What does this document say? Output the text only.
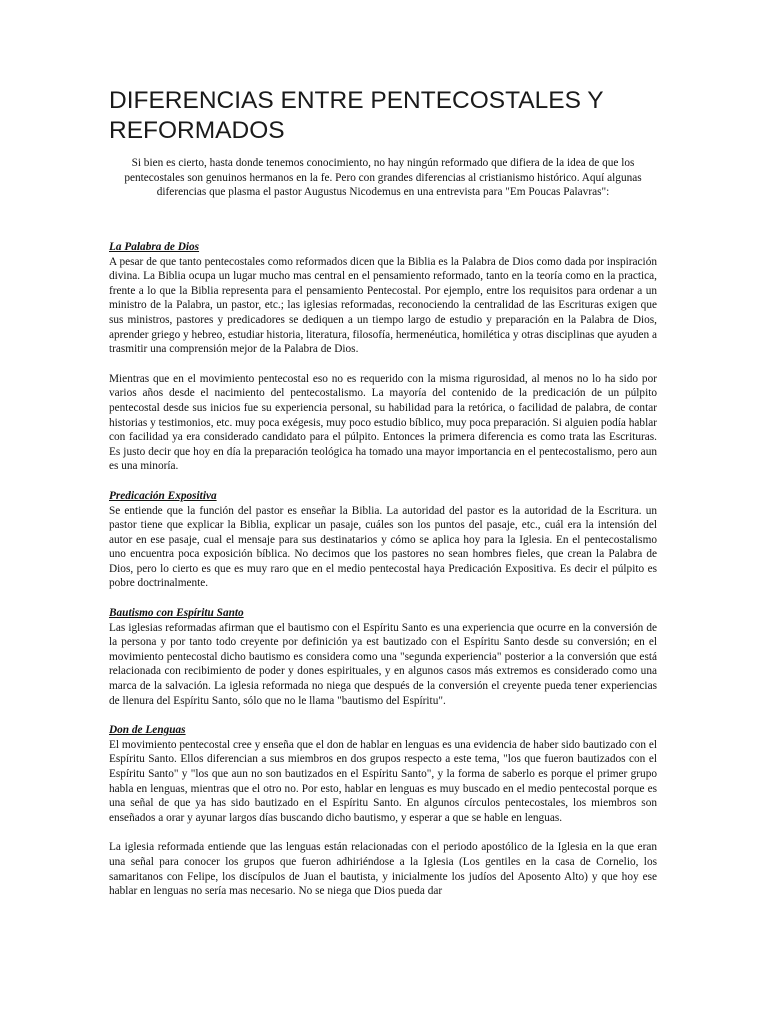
DIFERENCIAS ENTRE PENTECOSTALES Y REFORMADOS

Si bien es cierto, hasta donde tenemos conocimiento, no hay ningún reformado que difiera de la idea de que los pentecostales son genuinos hermanos en la fe. Pero con grandes diferencias al cristianismo histórico. Aquí algunas diferencias que plasma el pastor Augustus Nicodemus en una entrevista para "Em Poucas Palavras":

La Palabra de Dios

A pesar de que tanto pentecostales como reformados dicen que la Biblia es la Palabra de Dios como dada por inspiración divina. La Biblia ocupa un lugar mucho mas central en el pensamiento reformado, tanto en la teoría como en la practica, frente a lo que la Biblia representa para el pensamiento Pentecostal. Por ejemplo, entre los requisitos para ordenar a un ministro de la Palabra, un pastor, etc.; las iglesias reformadas, reconociendo la centralidad de las Escrituras exigen que sus ministros, pastores y predicadores se dediquen a un tiempo largo de estudio y preparación en la Palabra de Dios, aprender griego y hebreo, estudiar historia, literatura, filosofía, hermenéutica, homilética y otras disciplinas que ayuden a trasmitir una comprensión mejor de la Palabra de Dios.

Mientras que en el movimiento pentecostal eso no es requerido con la misma rigurosidad, al menos no lo ha sido por varios años desde el nacimiento del pentecostalismo. La mayoría del contenido de la predicación de un púlpito pentecostal desde sus inicios fue su experiencia personal, su habilidad para la retórica, o facilidad de palabra, de contar historias y testimonios, etc. muy poca exégesis, muy poco estudio bíblico, muy poca preparación. Si alguien podía hablar con facilidad ya era considerado candidato para el púlpito. Entonces la primera diferencia es como trata las Escrituras. Es justo decir que hoy en día la preparación teológica ha tomado una mayor importancia en el pentecostalismo, pero aun es una minoría.

Predicación Expositiva

Se entiende que la función del pastor es enseñar la Biblia. La autoridad del pastor es la autoridad de la Escritura. un pastor tiene que explicar la Biblia, explicar un pasaje, cuáles son los puntos del pasaje, etc., cuál era la intensión del autor en ese pasaje, cual el mensaje para sus destinatarios y cómo se aplica hoy para la Iglesia. En el pentecostalismo uno encuentra poca exposición bíblica. No decimos que los pastores no sean hombres fieles, que crean la Palabra de Dios, pero lo cierto es que es muy raro que en el medio pentecostal haya Predicación Expositiva. Es decir el púlpito es pobre doctrinalmente.

Bautismo con Espíritu Santo

Las iglesias reformadas afirman que el bautismo con el Espíritu Santo es una experiencia que ocurre en la conversión de la persona y por tanto todo creyente por definición ya est bautizado con el Espíritu Santo desde su conversión; en el movimiento pentecostal dicho bautismo es considera como una "segunda experiencia" posterior a la conversión que está relacionada con recibimiento de poder y dones espirituales, y en algunos casos más extremos es considerado como una marca de la salvación. La iglesia reformada no niega que después de la conversión el creyente pueda tener experiencias de llenura del Espíritu Santo, sólo que no le llama "bautismo del Espíritu".

Don de Lenguas

El movimiento pentecostal cree y enseña que el don de hablar en lenguas es una evidencia de haber sido bautizado con el Espíritu Santo. Ellos diferencian a sus miembros en dos grupos respecto a este tema, "los que fueron bautizados con el Espíritu Santo" y "los que aun no son bautizados en el Espíritu Santo", y la forma de saberlo es porque el primer grupo habla en lenguas, mientras que el otro no. Por esto, hablar en lenguas es muy buscado en el medio pentecostal porque es una señal de que ya has sido bautizado en el Espíritu Santo. En algunos círculos pentecostales, los miembros son enseñados a orar y ayunar largos días buscando dicho bautismo, y esperar a que se hable en lenguas.

La iglesia reformada entiende que las lenguas están relacionadas con el periodo apostólico de la Iglesia en la que eran una señal para conocer los grupos que fueron adhiriéndose a la Iglesia (Los gentiles en la casa de Cornelio, los samaritanos con Felipe, los discípulos de Juan el bautista, y inicialmente los judíos del Aposento Alto) y que hoy ese hablar en lenguas no sería mas necesario. No se niega que Dios pueda dar
